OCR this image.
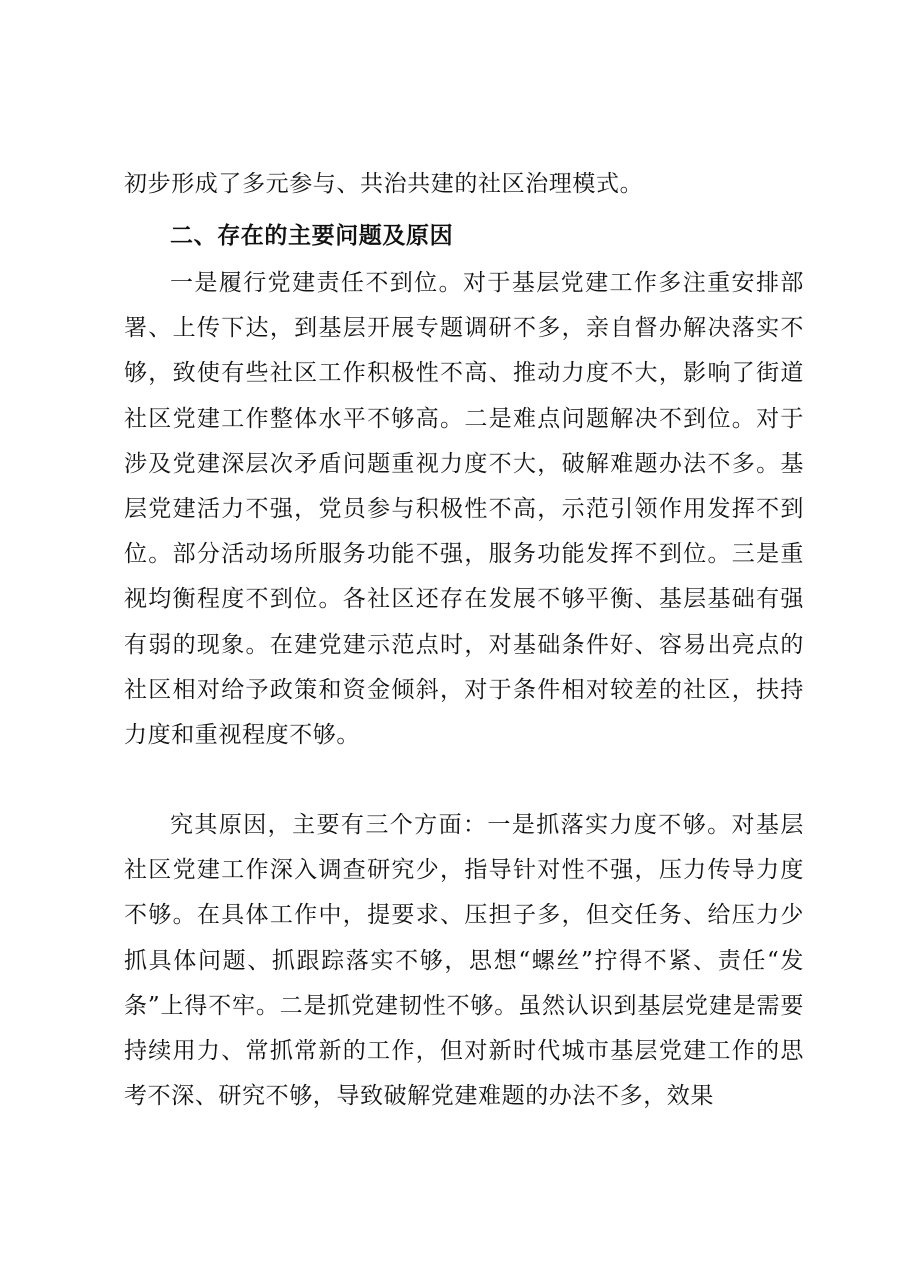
初步形成了多元参与、共治共建的社区治理模式。
二、存在的主要问题及原因
一是履行党建责任不到位。对于基层党建工作多注重安排部署、上传下达，到基层开展专题调研不多，亲自督办解决落实不够，致使有些社区工作积极性不高、推动力度不大，影响了街道社区党建工作整体水平不够高。二是难点问题解决不到位。对于涉及党建深层次矛盾问题重视力度不大，破解难题办法不多。基层党建活力不强，党员参与积极性不高，示范引领作用发挥不到位。部分活动场所服务功能不强，服务功能发挥不到位。三是重视均衡程度不到位。各社区还存在发展不够平衡、基层基础有强有弱的现象。在建党建示范点时，对基础条件好、容易出亮点的社区相对给予政策和资金倾斜，对于条件相对较差的社区，扶持力度和重视程度不够。
究其原因，主要有三个方面：一是抓落实力度不够。对基层社区党建工作深入调查研究少，指导针对性不强，压力传导力度不够。在具体工作中，提要求、压担子多，但交任务、给压力少抓具体问题、抓跟踪落实不够，思想“螺丝”拧得不紧、责任“发条”上得不牢。二是抓党建韧性不够。虽然认识到基层党建是需要持续用力、常抓常新的工作，但对新时代城市基层党建工作的思考不深、研究不够，导致破解党建难题的办法不多，效果
